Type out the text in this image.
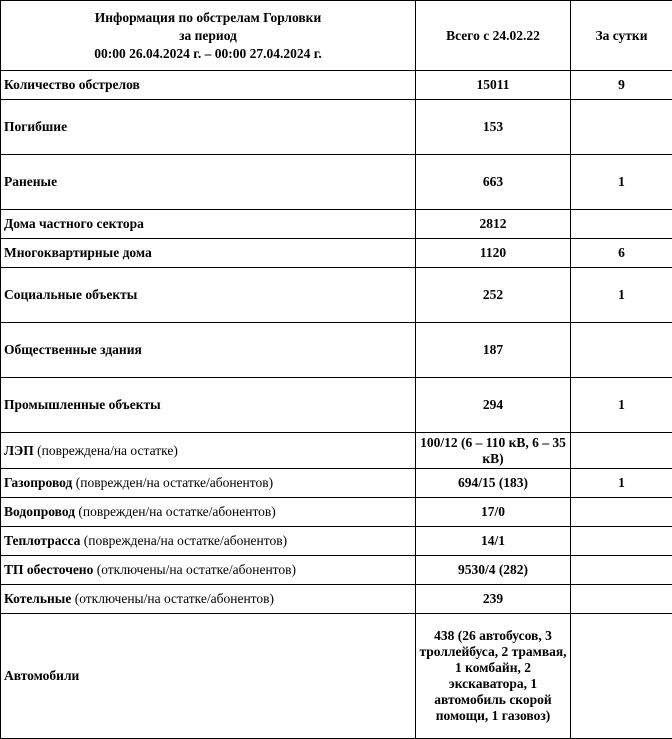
Информация по обстрелам Горловки
за период
00:00 26.04.2024 г. – 00:00 27.04.2024 г.	Всего с 24.02.22	За сутки
Количество обстрелов	15011	9
Погибшие	153	
Раненые	663	1
Дома частного сектора	2812	
Многоквартирные дома	1120	6
Социальные объекты	252	1
Общественные здания	187	
Промышленные объекты	294	1
ЛЭП (повреждена/на остатке)	100/12 (6 – 110 кВ, 6 – 35 кВ)	
Газопровод (поврежден/на остатке/абонентов)	694/15 (183)	1
Водопровод (поврежден/на остатке/абонентов)	17/0	
Теплотрасса (повреждена/на остатке/абонентов)	14/1	
ТП обесточено (отключены/на остатке/абонентов)	9530/4 (282)	
Котельные (отключены/на остатке/абонентов)	239	
Автомобили	438 (26 автобусов, 3 троллейбуса, 2 трамвая, 1 комбайн, 2 экскаватора, 1 автомобиль скорой помощи, 1 газовоз)	
